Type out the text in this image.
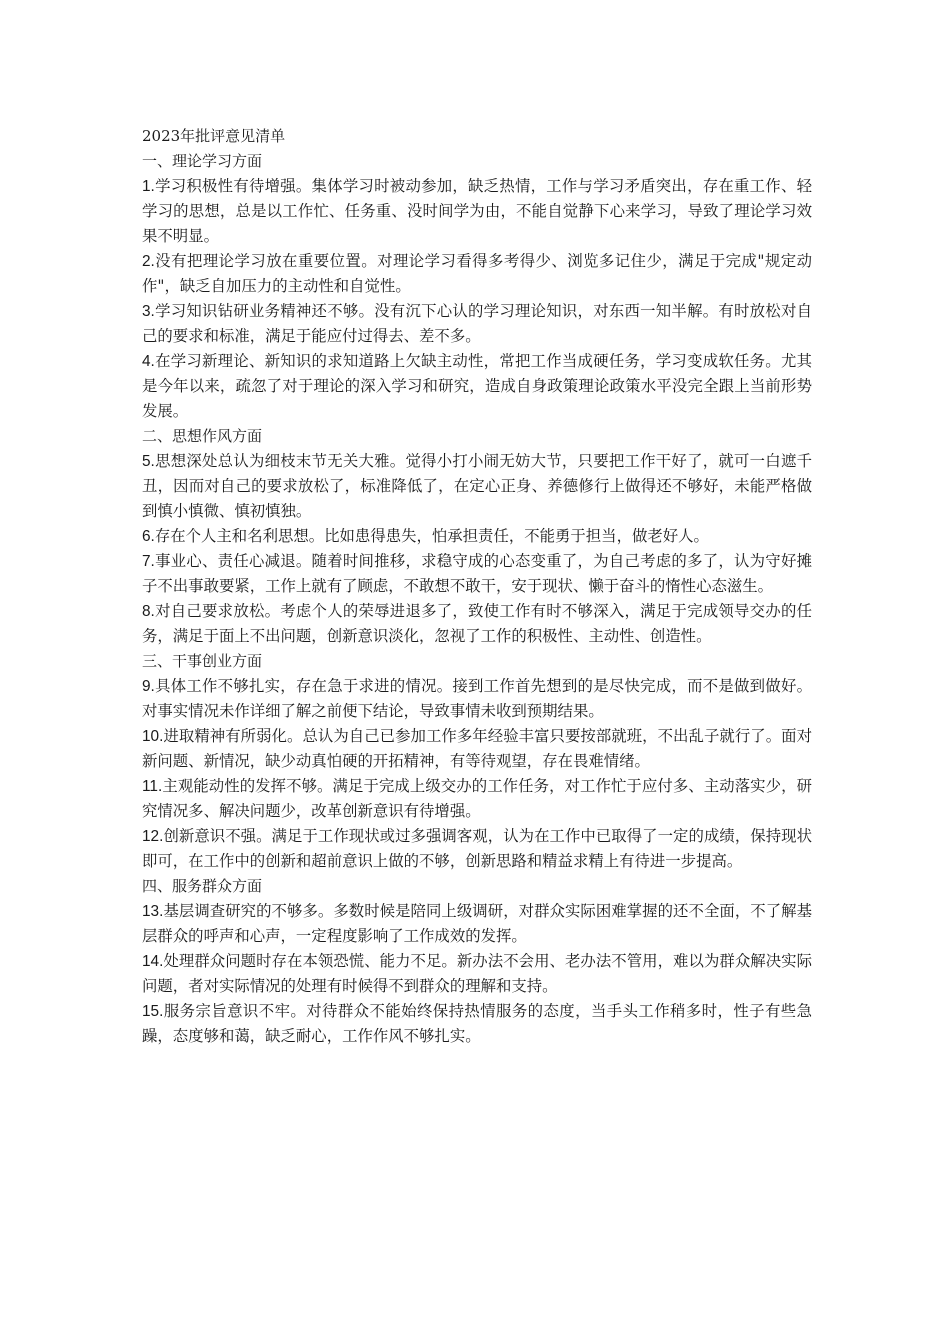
2023年批评意见清单

一、理论学习方面

1.学习积极性有待增强。集体学习时被动参加，缺乏热情，工作与学习矛盾突出，存在重工作、轻学习的思想，总是以工作忙、任务重、没时间学为由，不能自觉静下心来学习，导致了理论学习效果不明显。

2.没有把理论学习放在重要位置。对理论学习看得多考得少、浏览多记住少，满足于完成"规定动作"，缺乏自加压力的主动性和自觉性。

3.学习知识钻研业务精神还不够。没有沉下心认的学习理论知识，对东西一知半解。有时放松对自己的要求和标准，满足于能应付过得去、差不多。

4.在学习新理论、新知识的求知道路上欠缺主动性，常把工作当成硬任务，学习变成软任务。尤其是今年以来，疏忽了对于理论的深入学习和研究，造成自身政策理论政策水平没完全跟上当前形势发展。

二、思想作风方面

5.思想深处总认为细枝末节无关大雅。觉得小打小闹无妨大节，只要把工作干好了，就可一白遮千丑，因而对自己的要求放松了，标准降低了，在定心正身、养德修行上做得还不够好，未能严格做到慎小慎微、慎初慎独。

6.存在个人主和名利思想。比如患得患失，怕承担责任，不能勇于担当，做老好人。

7.事业心、责任心减退。随着时间推移，求稳守成的心态变重了，为自己考虑的多了，认为守好摊子不出事敢要紧，工作上就有了顾虑，不敢想不敢干，安于现状、懒于奋斗的惰性心态滋生。

8.对自己要求放松。考虑个人的荣辱进退多了，致使工作有时不够深入，满足于完成领导交办的任务，满足于面上不出问题，创新意识淡化，忽视了工作的积极性、主动性、创造性。

三、干事创业方面

9.具体工作不够扎实，存在急于求进的情况。接到工作首先想到的是尽快完成，而不是做到做好。对事实情况未作详细了解之前便下结论，导致事情未收到预期结果。

10.进取精神有所弱化。总认为自己已参加工作多年经验丰富只要按部就班，不出乱子就行了。面对新问题、新情况，缺少动真怕硬的开拓精神，有等待观望，存在畏难情绪。

11.主观能动性的发挥不够。满足于完成上级交办的工作任务，对工作忙于应付多、主动落实少，研究情况多、解决问题少，改革创新意识有待增强。

12.创新意识不强。满足于工作现状或过多强调客观，认为在工作中已取得了一定的成绩，保持现状即可，在工作中的创新和超前意识上做的不够，创新思路和精益求精上有待进一步提高。

四、服务群众方面

13.基层调查研究的不够多。多数时候是陪同上级调研，对群众实际困难掌握的还不全面，不了解基层群众的呼声和心声，一定程度影响了工作成效的发挥。

14.处理群众问题时存在本领恐慌、能力不足。新办法不会用、老办法不管用，难以为群众解决实际问题，者对实际情况的处理有时候得不到群众的理解和支持。

15.服务宗旨意识不牢。对待群众不能始终保持热情服务的态度，当手头工作稍多时，性子有些急躁，态度够和蔼，缺乏耐心，工作作风不够扎实。
